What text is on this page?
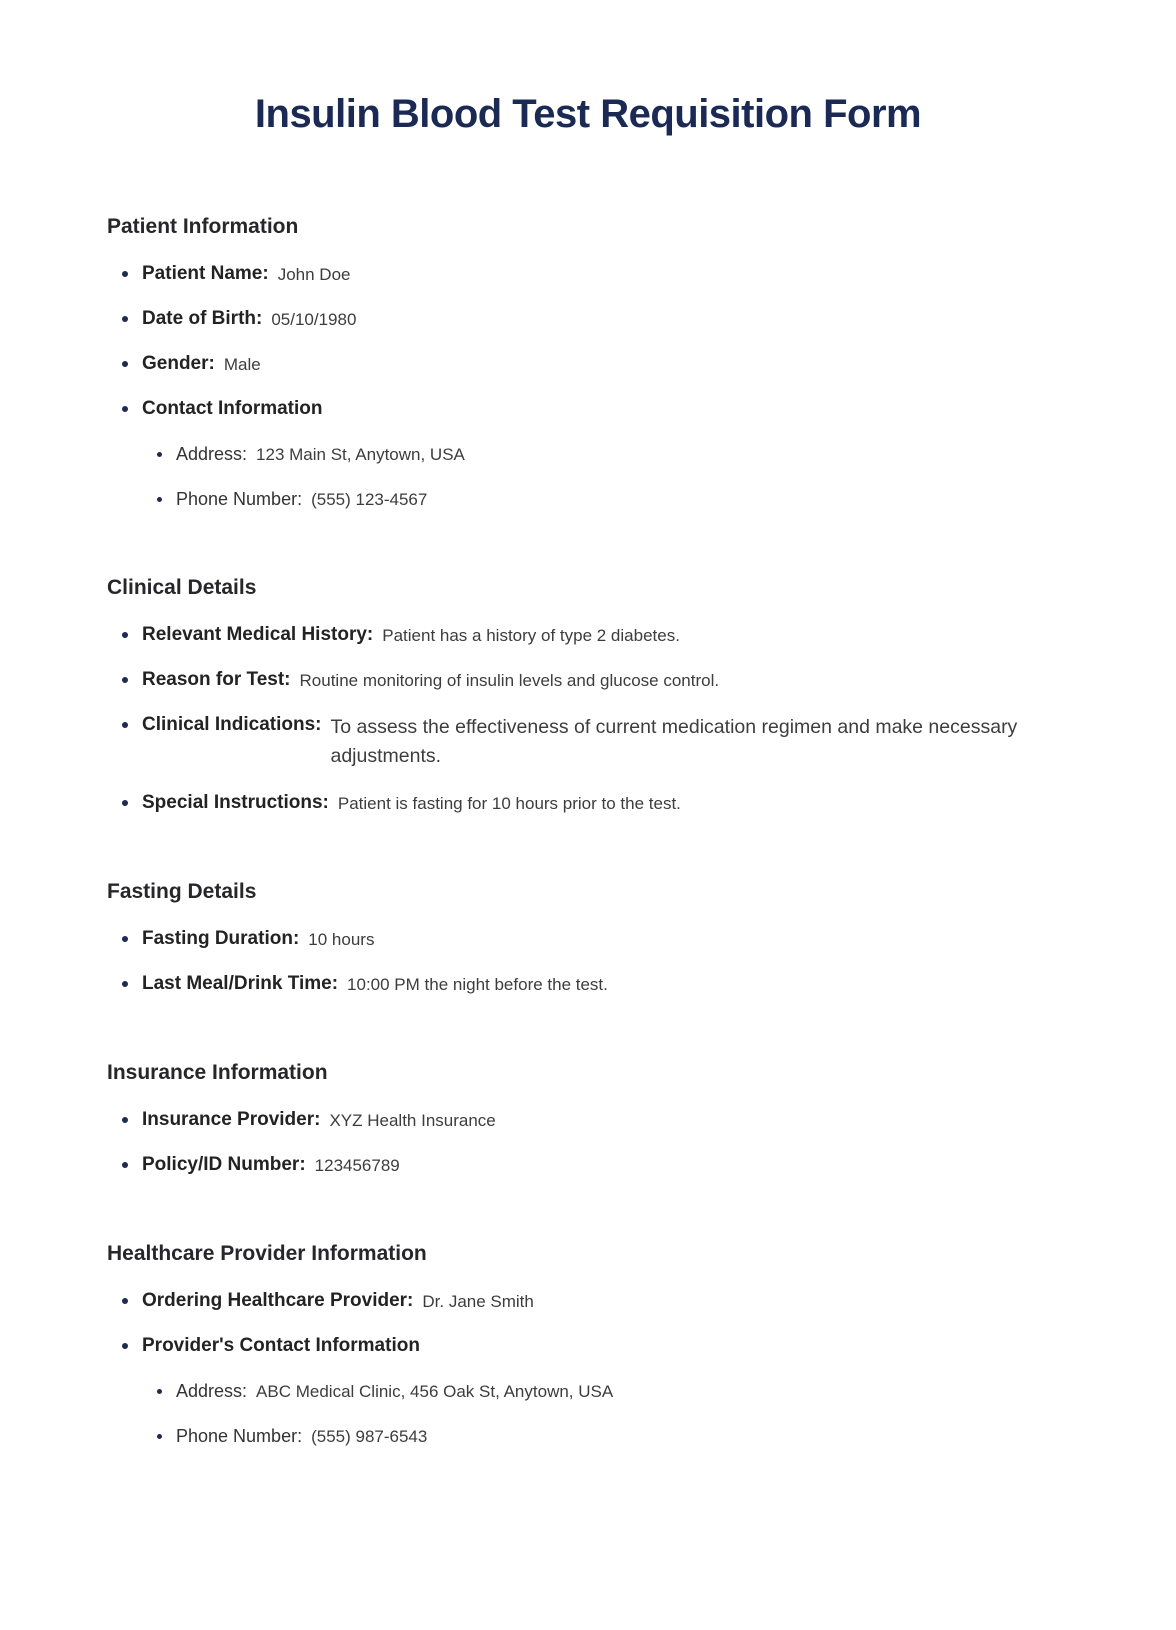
Insulin Blood Test Requisition Form
Patient Information
Patient Name: John Doe
Date of Birth: 05/10/1980
Gender: Male
Contact Information
Address: 123 Main St, Anytown, USA
Phone Number: (555) 123-4567
Clinical Details
Relevant Medical History: Patient has a history of type 2 diabetes.
Reason for Test: Routine monitoring of insulin levels and glucose control.
Clinical Indications: To assess the effectiveness of current medication regimen and make necessary adjustments.
Special Instructions: Patient is fasting for 10 hours prior to the test.
Fasting Details
Fasting Duration: 10 hours
Last Meal/Drink Time: 10:00 PM the night before the test.
Insurance Information
Insurance Provider: XYZ Health Insurance
Policy/ID Number: 123456789
Healthcare Provider Information
Ordering Healthcare Provider: Dr. Jane Smith
Provider's Contact Information
Address: ABC Medical Clinic, 456 Oak St, Anytown, USA
Phone Number: (555) 987-6543
